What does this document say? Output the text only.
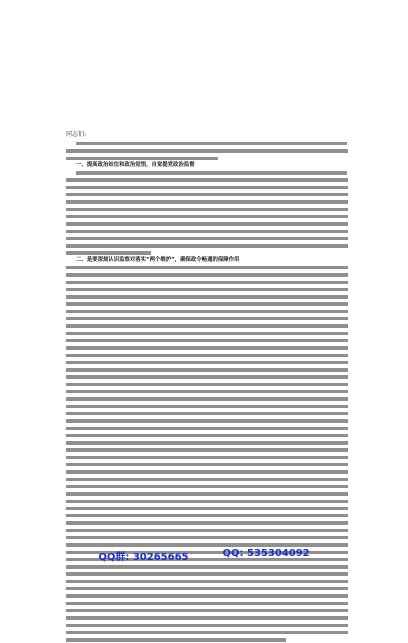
同志们:

一、提高政治站位和政治觉悟，自觉提党政治监督

二、是要深刻认识监察对落实“两个维护”，确保政令畅通的保障作用

QQ群: 30265665	QQ: 535304092
